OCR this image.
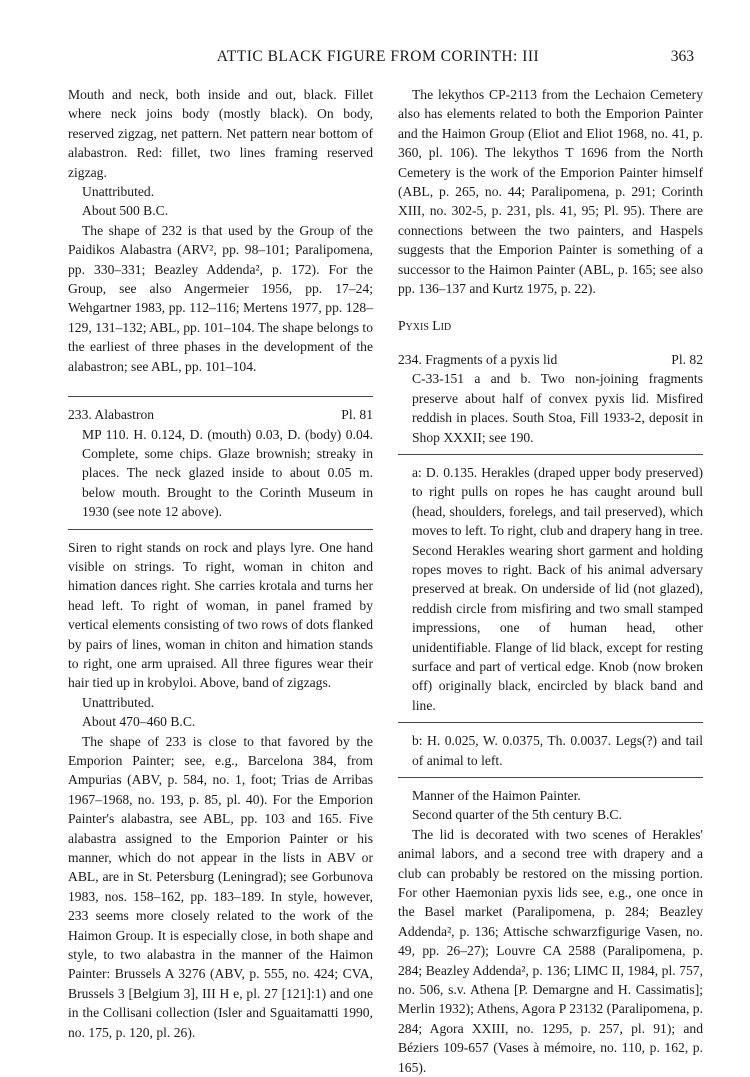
ATTIC BLACK FIGURE FROM CORINTH: III	363

Mouth and neck, both inside and out, black. Fillet where neck joins body (mostly black). On body, reserved zigzag, net pattern. Net pattern near bottom of alabastron. Red: fillet, two lines framing reserved zigzag.

Unattributed.

About 500 B.C.

The shape of 232 is that used by the Group of the Paidikos Alabastra (ARV², pp. 98–101; Paralipomena, pp. 330–331; Beazley Addenda², p. 172). For the Group, see also Angermeier 1956, pp. 17–24; Wehgartner 1983, pp. 112–116; Mertens 1977, pp. 128–129, 131–132; ABL, pp. 101–104. The shape belongs to the earliest of three phases in the development of the alabastron; see ABL, pp. 101–104.

233. Alabastron	Pl. 81

MP 110. H. 0.124, D. (mouth) 0.03, D. (body) 0.04. Complete, some chips. Glaze brownish; streaky in places. The neck glazed inside to about 0.05 m. below mouth. Brought to the Corinth Museum in 1930 (see note 12 above).

Siren to right stands on rock and plays lyre. One hand visible on strings. To right, woman in chiton and himation dances right. She carries krotala and turns her head left. To right of woman, in panel framed by vertical elements consisting of two rows of dots flanked by pairs of lines, woman in chiton and himation stands to right, one arm upraised. All three figures wear their hair tied up in krobyloi. Above, band of zigzags.

Unattributed.

About 470–460 B.C.

The shape of 233 is close to that favored by the Emporion Painter; see, e.g., Barcelona 384, from Ampurias (ABV, p. 584, no. 1, foot; Trias de Arribas 1967–1968, no. 193, p. 85, pl. 40). For the Emporion Painter's alabastra, see ABL, pp. 103 and 165. Five alabastra assigned to the Emporion Painter or his manner, which do not appear in the lists in ABV or ABL, are in St. Petersburg (Leningrad); see Gorbunova 1983, nos. 158–162, pp. 183–189. In style, however, 233 seems more closely related to the work of the Haimon Group. It is especially close, in both shape and style, to two alabastra in the manner of the Haimon Painter: Brussels A 3276 (ABV, p. 555, no. 424; CVA, Brussels 3 [Belgium 3], III H e, pl. 27 [121]:1) and one in the Collisani collection (Isler and Sguaitamatti 1990, no. 175, p. 120, pl. 26).

The lekythos CP-2113 from the Lechaion Cemetery also has elements related to both the Emporion Painter and the Haimon Group (Eliot and Eliot 1968, no. 41, p. 360, pl. 106). The lekythos T 1696 from the North Cemetery is the work of the Emporion Painter himself (ABL, p. 265, no. 44; Paralipomena, p. 291; Corinth XIII, no. 302-5, p. 231, pls. 41, 95; Pl. 95). There are connections between the two painters, and Haspels suggests that the Emporion Painter is something of a successor to the Haimon Painter (ABL, p. 165; see also pp. 136–137 and Kurtz 1975, p. 22).

Pyxis Lid
234. Fragments of a pyxis lid	Pl. 82

C-33-151 a and b. Two non-joining fragments preserve about half of convex pyxis lid. Misfired reddish in places. South Stoa, Fill 1933-2, deposit in Shop XXXII; see 190.

a: D. 0.135. Herakles (draped upper body preserved) to right pulls on ropes he has caught around bull (head, shoulders, forelegs, and tail preserved), which moves to left. To right, club and drapery hang in tree. Second Herakles wearing short garment and holding ropes moves to right. Back of his animal adversary preserved at break. On underside of lid (not glazed), reddish circle from misfiring and two small stamped impressions, one of human head, other unidentifiable. Flange of lid black, except for resting surface and part of vertical edge. Knob (now broken off) originally black, encircled by black band and line.

b: H. 0.025, W. 0.0375, Th. 0.0037. Legs(?) and tail of animal to left.

Manner of the Haimon Painter.

Second quarter of the 5th century B.C.

The lid is decorated with two scenes of Herakles' animal labors, and a second tree with drapery and a club can probably be restored on the missing portion. For other Haemonian pyxis lids see, e.g., one once in the Basel market (Paralipomena, p. 284; Beazley Addenda², p. 136; Attische schwarzfigurige Vasen, no. 49, pp. 26–27); Louvre CA 2588 (Paralipomena, p. 284; Beazley Addenda², p. 136; LIMC II, 1984, pl. 757, no. 506, s.v. Athena [P. Demargne and H. Cassimatis]; Merlin 1932); Athens, Agora P 23132 (Paralipomena, p. 284; Agora XXIII, no. 1295, p. 257, pl. 91); and Béziers 109-657 (Vases à mémoire, no. 110, p. 162, p. 165).
